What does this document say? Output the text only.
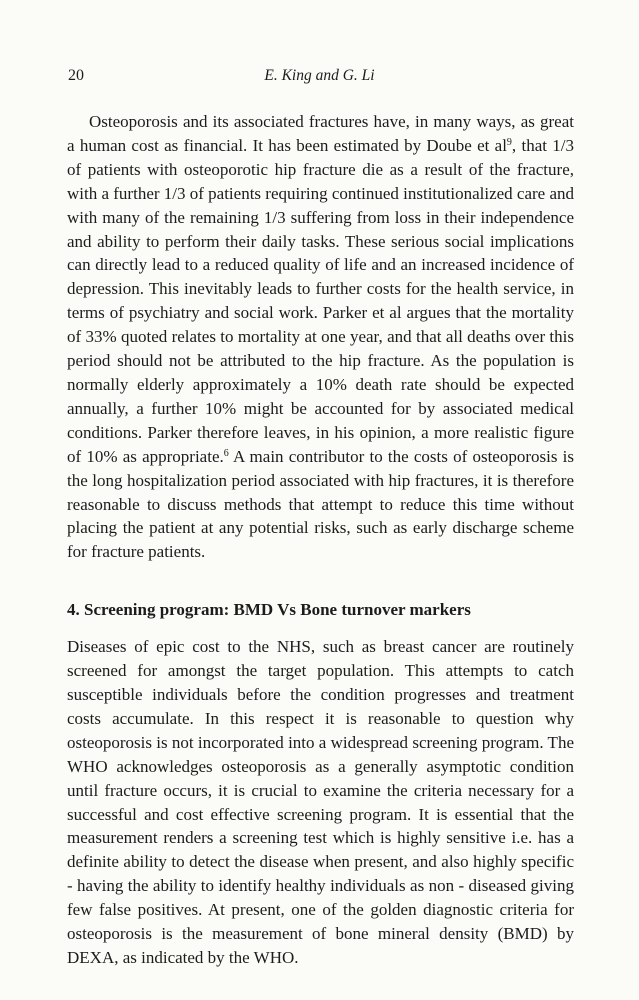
20	E. King and G. Li

Osteoporosis and its associated fractures have, in many ways, as great a human cost as financial. It has been estimated by Doube et $al^9$, that 1/3 of patients with osteoporotic hip fracture die as a result of the fracture, with a further 1/3 of patients requiring continued institutionalized care and with many of the remaining 1/3 suffering from loss in their independence and ability to perform their daily tasks. These serious social implications can directly lead to a reduced quality of life and an increased incidence of depression. This inevitably leads to further costs for the health service, in terms of psychiatry and social work. Parker et al argues that the mortality of 33% quoted relates to mortality at one year, and that all deaths over this period should not be attributed to the hip fracture. As the population is normally elderly approximately a 10% death rate should be expected annually, a further 10% might be accounted for by associated medical conditions. Parker therefore leaves, in his opinion, a more realistic figure of 10% as appropriate.$^6$ A main contributor to the costs of osteoporosis is the long hospitalization period associated with hip fractures, it is therefore reasonable to discuss methods that attempt to reduce this time without placing the patient at any potential risks, such as early discharge scheme for fracture patients.

4. Screening program: BMD Vs Bone turnover markers

Diseases of epic cost to the NHS, such as breast cancer are routinely screened for amongst the target population. This attempts to catch susceptible individuals before the condition progresses and treatment costs accumulate. In this respect it is reasonable to question why osteoporosis is not incorporated into a widespread screening program. The WHO acknowledges osteoporosis as a generally asymptotic condition until fracture occurs, it is crucial to examine the criteria necessary for a successful and cost effective screening program. It is essential that the measurement renders a screening test which is highly sensitive i.e. has a definite ability to detect the disease when present, and also highly specific - having the ability to identify healthy individuals as non - diseased giving few false positives. At present, one of the golden diagnostic criteria for osteoporosis is the measurement of bone mineral density (BMD) by DEXA, as indicated by the WHO.
